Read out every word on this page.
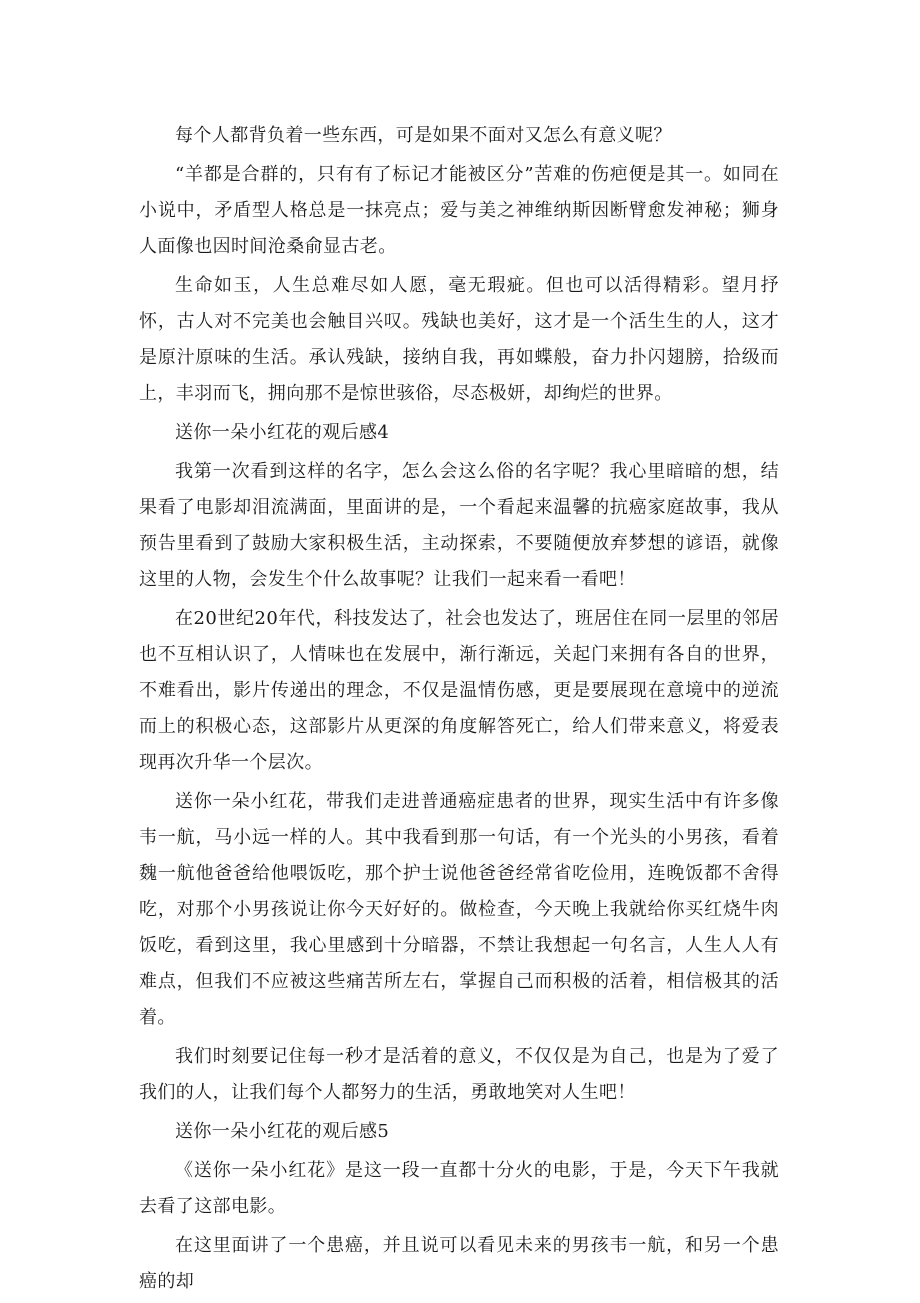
每个人都背负着一些东西，可是如果不面对又怎么有意义呢？

“羊都是合群的，只有有了标记才能被区分”苦难的伤疤便是其一。如同在小说中，矛盾型人格总是一抹亮点；爱与美之神维纳斯因断臂愈发神秘；狮身人面像也因时间沧桑俞显古老。

生命如玉，人生总难尽如人愿，毫无瑕疵。但也可以活得精彩。望月抒怀，古人对不完美也会触目兴叹。残缺也美好，这才是一个活生生的人，这才是原汁原味的生活。承认残缺，接纳自我，再如蝶般，奋力扑闪翅膀，拾级而上，丰羽而飞，拥向那不是惊世骇俗，尽态极妍，却绚烂的世界。

送你一朵小红花的观后感4

我第一次看到这样的名字，怎么会这么俗的名字呢？我心里暗暗的想，结果看了电影却泪流满面，里面讲的是，一个看起来温馨的抗癌家庭故事，我从预告里看到了鼓励大家积极生活，主动探索，不要随便放弃梦想的谚语，就像这里的人物，会发生个什么故事呢？让我们一起来看一看吧！

在20世纪20年代，科技发达了，社会也发达了，班居住在同一层里的邻居也不互相认识了，人情味也在发展中，渐行渐远，关起门来拥有各自的世界，不难看出，影片传递出的理念，不仅是温情伤感，更是要展现在意境中的逆流而上的积极心态，这部影片从更深的角度解答死亡，给人们带来意义，将爱表现再次升华一个层次。

送你一朵小红花，带我们走进普通癌症患者的世界，现实生活中有许多像韦一航，马小远一样的人。其中我看到那一句话，有一个光头的小男孩，看着魏一航他爸爸给他喂饭吃，那个护士说他爸爸经常省吃俭用，连晚饭都不舍得吃，对那个小男孩说让你今天好好的。做检查，今天晚上我就给你买红烧牛肉饭吃，看到这里，我心里感到十分暗器，不禁让我想起一句名言，人生人人有难点，但我们不应被这些痛苦所左右，掌握自己而积极的活着，相信极其的活着。

我们时刻要记住每一秒才是活着的意义，不仅仅是为自己，也是为了爱了我们的人，让我们每个人都努力的生活，勇敢地笑对人生吧！

送你一朵小红花的观后感5

《送你一朵小红花》是这一段一直都十分火的电影，于是，今天下午我就去看了这部电影。

在这里面讲了一个患癌，并且说可以看见未来的男孩韦一航，和另一个患癌的却
